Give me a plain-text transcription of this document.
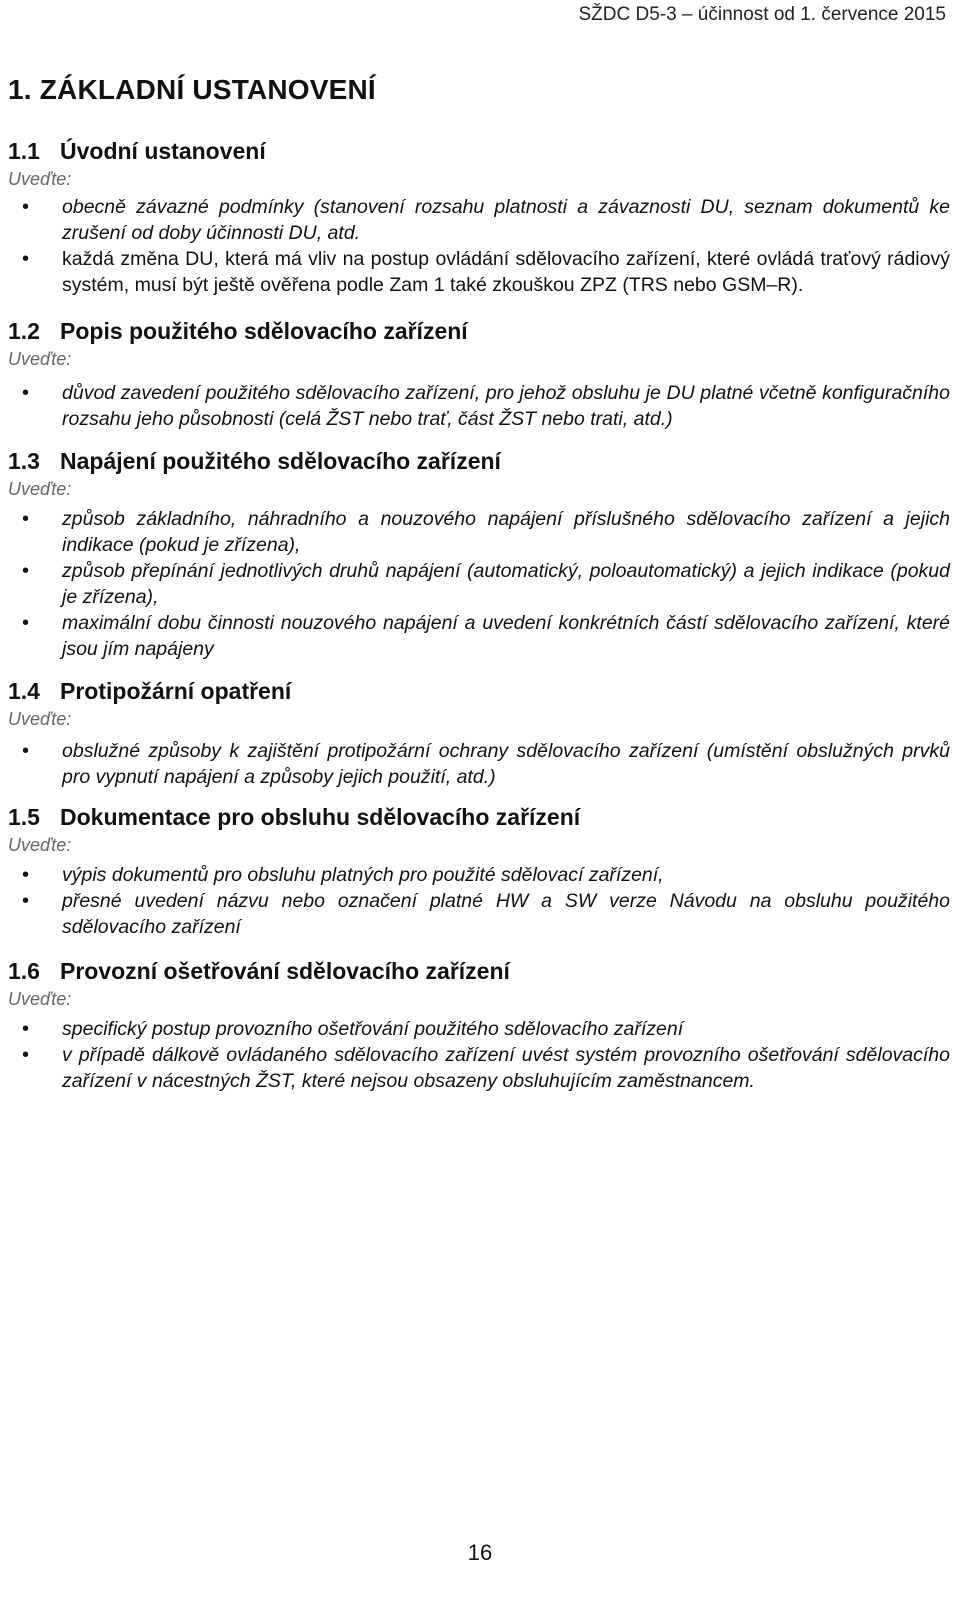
SŽDC D5-3 – účinnost od 1. července 2015
1. ZÁKLADNÍ USTANOVENÍ
1.1 Úvodní ustanovení
Uveďte:
• obecně závazné podmínky (stanovení rozsahu platnosti a závaznosti DU, seznam dokumentů ke zrušení od doby účinnosti DU, atd.
• každá změna DU, která má vliv na postup ovládání sdělovacího zařízení, které ovládá traťový rádiový systém, musí být ještě ověřena podle Zam 1 také zkouškou ZPZ (TRS nebo GSM–R).
1.2 Popis použitého sdělovacího zařízení
Uveďte:
• důvod zavedení použitého sdělovacího zařízení, pro jehož obsluhu je DU platné včetně konfiguračního rozsahu jeho působnosti (celá ŽST nebo trať, část ŽST nebo trati, atd.)
1.3 Napájení použitého sdělovacího zařízení
Uveďte:
• způsob základního, náhradního a nouzového napájení příslušného sdělovacího zařízení a jejich indikace (pokud je zřízena),
• způsob přepínání jednotlivých druhů napájení (automatický, poloautomatický) a jejich indikace (pokud je zřízena),
• maximální dobu činnosti nouzového napájení a uvedení konkrétních částí sdělovacího zařízení, které jsou jím napájeny
1.4 Protipožární opatření
Uveďte:
• obslužné způsoby k zajištění protipožární ochrany sdělovacího zařízení (umístění obslužných prvků pro vypnutí napájení a způsoby jejich použití, atd.)
1.5 Dokumentace pro obsluhu sdělovacího zařízení
Uveďte:
• výpis dokumentů pro obsluhu platných pro použité sdělovací zařízení,
• přesné uvedení názvu nebo označení platné HW a SW verze Návodu na obsluhu použitého sdělovacího zařízení
1.6 Provozní ošetřování sdělovacího zařízení
Uveďte:
• specifický postup provozního ošetřování použitého sdělovacího zařízení
• v případě dálkově ovládaného sdělovacího zařízení uvést systém provozního ošetřování sdělovacího zařízení v nácestných ŽST, které nejsou obsazeny obsluhujícím zaměstnancem.
16
